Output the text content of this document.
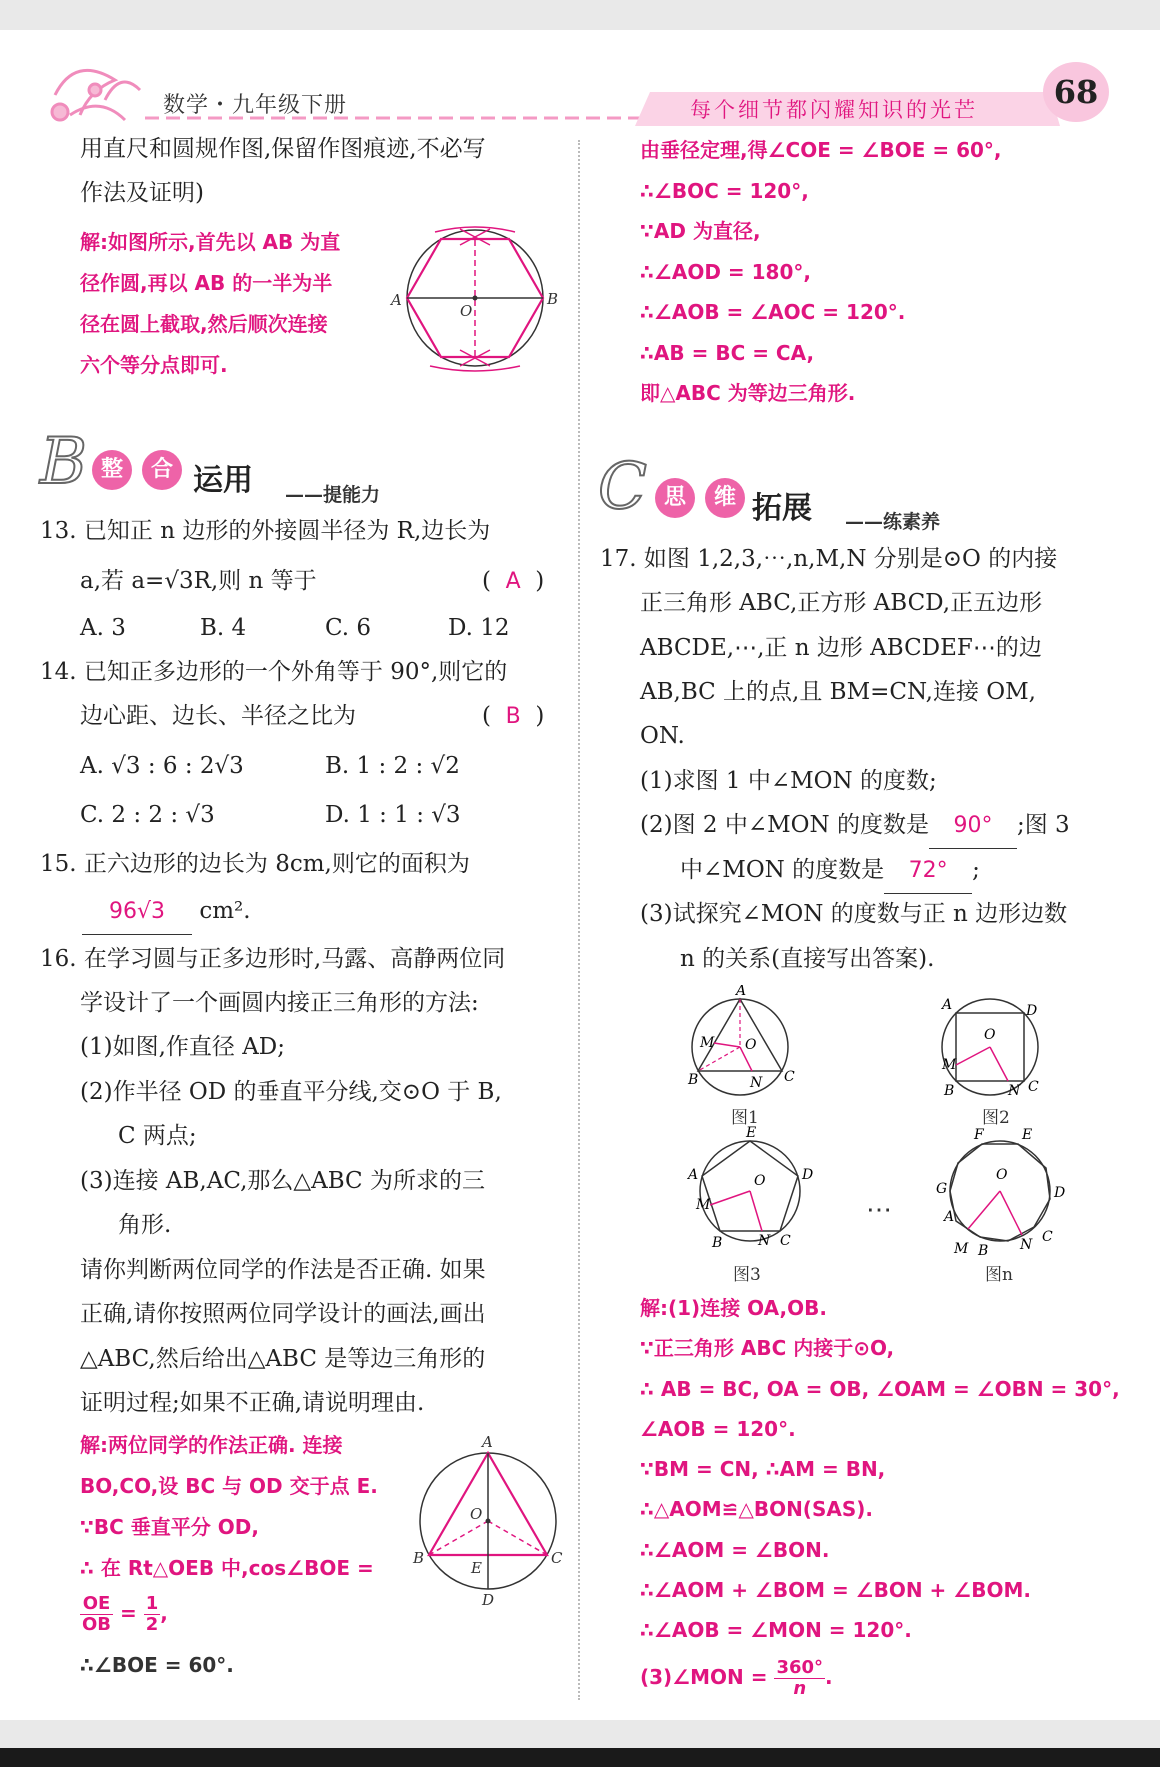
数学・九年级下册	每个细节都闪耀知识的光芒	68
用直尺和圆规作图,保留作图痕迹,不必写
作法及证明)
解:如图所示,首先以 AB 为直
径作圆,再以 AB 的一半为半
径在圆上截取,然后顺次连接
六个等分点即可.
A	B
O
B 整	合 运用 ——提能力
13. 已知正 n 边形的外接圆半径为 R,边长为
a,若 a=√3R,则 n 等于	(  A  )
A. 3	B. 4	C. 6	D. 12
14. 已知正多边形的一个外角等于 90°,则它的
边心距、边长、半径之比为	(  B  )
A. √3 : 6 : 2√3	B. 1 : 2 : √2
C. 2 : 2 : √3	D. 1 : 1 : √3
15. 正六边形的边长为 8cm,则它的面积为
96√3 cm².
16. 在学习圆与正多边形时,马露、高静两位同
学设计了一个画圆内接正三角形的方法:
(1)如图,作直径 AD;
(2)作半径 OD 的垂直平分线,交⊙O 于 B,
C 两点;
(3)连接 AB,AC,那么△ABC 为所求的三
角形.
请你判断两位同学的作法是否正确. 如果
正确,请你按照两位同学设计的画法,画出
△ABC,然后给出△ABC 是等边三角形的
证明过程;如果不正确,请说明理由.
解:两位同学的作法正确. 连接
BO,CO,设 BC 与 OD 交于点 E.
∵BC 垂直平分 OD,
∴ 在 Rt△OEB 中,cos∠BOE =
$\frac{OE}{OB} = \frac{1}{2}$ ,
∴∠BOE = 60°.
A
B	C
D
E
O
由垂径定理,得∠COE = ∠BOE = 60°,
∴∠BOC = 120°,
∵AD 为直径,
∴∠AOD = 180°,
∴∠AOB = ∠AOC = 120°.
∴AB = BC = CA,
即△ABC 为等边三角形.
C 思	维 拓展 ——练素养
17. 如图 1,2,3,⋯,n,M,N 分别是⊙O 的内接
正三角形 ABC,正方形 ABCD,正五边形
ABCDE,⋯,正 n 边形 ABCDEF⋯的边
AB,BC 上的点,且 BM=CN,连接 OM,
ON.
(1)求图 1 中∠MON 的度数;
(2)图 2 中∠MON 的度数是 90° ;图 3
中∠MON 的度数是 72° ;
(3)试探究∠MON 的度数与正 n 边形边数
n 的关系(直接写出答案).
A
B	C
M
N
O
A	D
B	C
M
N
O
E
A	D
B	C
M
N
O
F	E
G	D
M B N C
A
O
图1	图2
图3	图n
⋯
解:(1)连接 OA,OB.
∵正三角形 ABC 内接于⊙O,
∴ AB = BC, OA = OB, ∠OAM = ∠OBN = 30°,
∠AOB = 120°.
∵BM = CN, ∴AM = BN,
∴△AOM≌△BON(SAS).
∴∠AOM = ∠BON.
∴∠AOM + ∠BOM = ∠BON + ∠BOM.
∴∠AOB = ∠MON = 120°.
(3)∠MON = $\frac{360^\circ}{n}$ .
